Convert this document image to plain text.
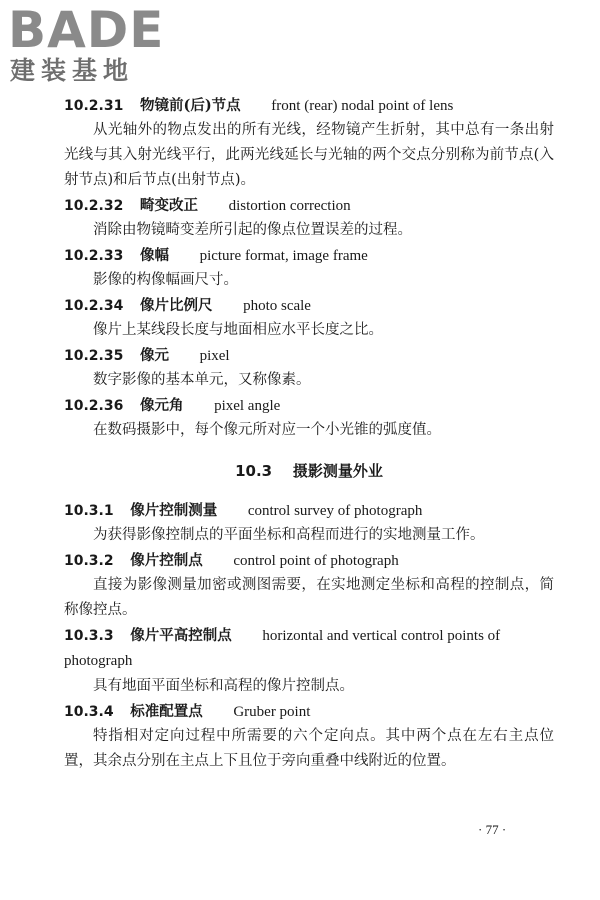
BADE
建装基地
10.2.31 物镜前(后)节点 front (rear) nodal point of lens

从光轴外的物点发出的所有光线，经物镜产生折射，其中总有一条出射光线与其入射光线平行，此两光线延长与光轴的两个交点分别称为前节点(入射节点)和后节点(出射节点)。

10.2.32 畸变改正 distortion correction

消除由物镜畸变差所引起的像点位置误差的过程。

10.2.33 像幅 picture format, image frame

影像的构像幅画尺寸。

10.2.34 像片比例尺 photo scale

像片上某线段长度与地面相应水平长度之比。

10.2.35 像元 pixel

数字影像的基本单元，又称像素。

10.2.36 像元角 pixel angle

在数码摄影中，每个像元所对应一个小光锥的弧度值。

10.3 摄影测量外业
10.3.1 像片控制测量 control survey of photograph

为获得影像控制点的平面坐标和高程而进行的实地测量工作。

10.3.2 像片控制点 control point of photograph

直接为影像测量加密或测图需要，在实地测定坐标和高程的控制点，简称像控点。

10.3.3 像片平高控制点 horizontal and vertical control points of photograph

具有地面平面坐标和高程的像片控制点。

10.3.4 标准配置点 Gruber point

特指相对定向过程中所需要的六个定向点。其中两个点在左右主点位置，其余点分别在主点上下且位于旁向重叠中线附近的位置。

· 77 ·
